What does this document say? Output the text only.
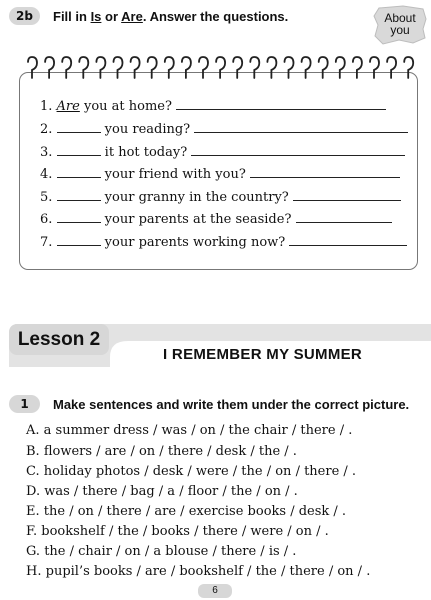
2b Fill in Is or Are. Answer the questions.	About
you
1. Are you at home?
2.	you reading?
3.	it hot today?
4.	your friend with you?
5.	your granny in the country?
6.	your parents at the seaside?
7.	your parents working now?
Lesson 2
I REMEMBER MY SUMMER
1 Make sentences and write them under the correct picture.
A. a summer dress / was / on / the chair / there / .
B. flowers / are / on / there / desk / the / .
C. holiday photos / desk / were / the / on / there / .
D. was / there / bag / a / floor / the / on / .
E. the / on / there / are / exercise books / desk / .
F. bookshelf / the / books / there / were / on / .
G. the / chair / on / a blouse / there / is / .
H. pupil’s books / are / bookshelf / the / there / on / .
6
